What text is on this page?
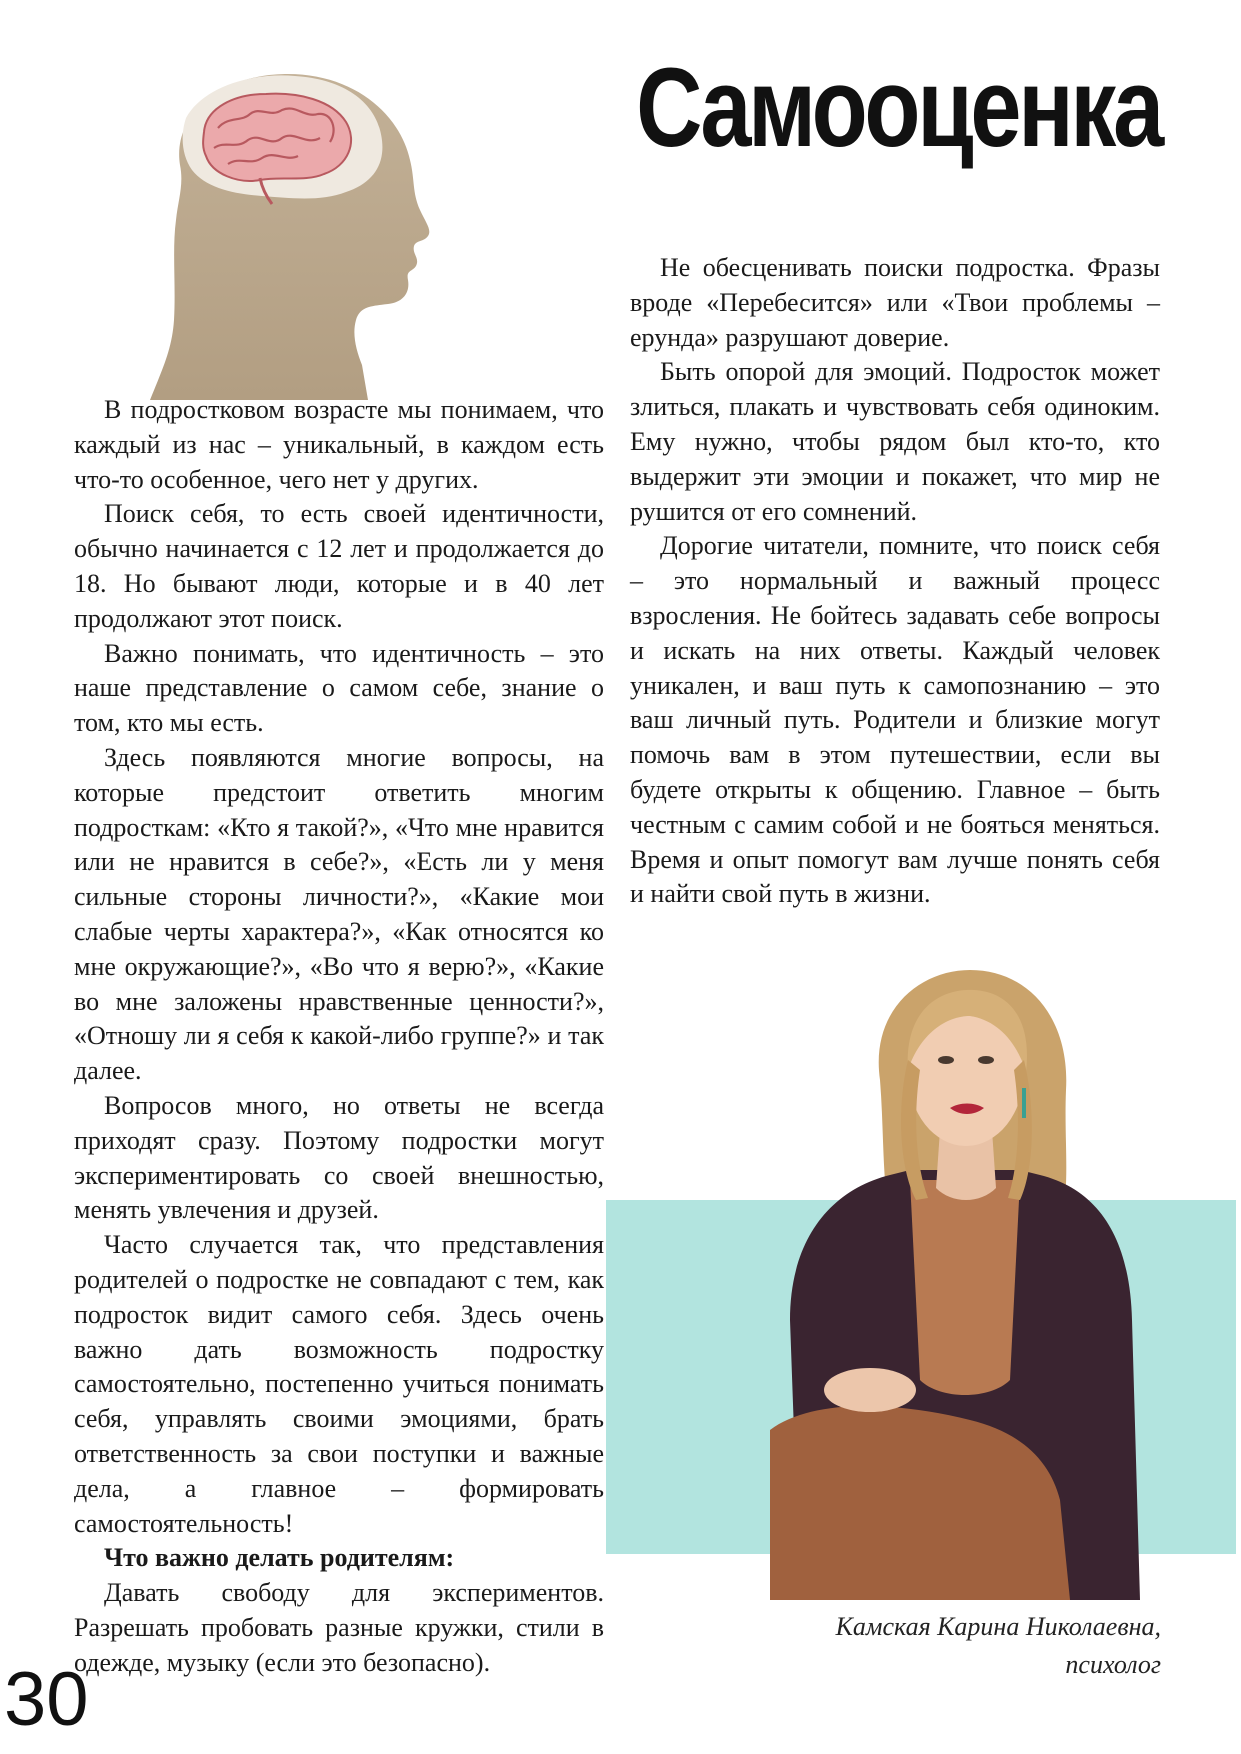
Самооценка

В подростковом возрасте мы понимаем, что каждый из нас – уникальный, в каждом есть что-то особенное, чего нет у других.

Поиск себя, то есть своей идентичности, обычно начинается с 12 лет и продолжается до 18. Но бывают люди, которые и в 40 лет продолжают этот поиск.

Важно понимать, что идентичность – это наше представление о самом себе, знание о том, кто мы есть.

Здесь появляются многие вопросы, на которые предстоит ответить многим подросткам: «Кто я такой?», «Что мне нравится или не нравится в себе?», «Есть ли у меня сильные стороны личности?», «Какие мои слабые черты характера?», «Как относятся ко мне окружающие?», «Во что я верю?», «Какие во мне заложены нравственные ценности?», «Отношу ли я себя к какой-либо группе?» и так далее.

Вопросов много, но ответы не всегда приходят сразу. Поэтому подростки могут экспериментировать со своей внешностью, менять увлечения и друзей.

Часто случается так, что представления родителей о подростке не совпадают с тем, как подросток видит самого себя. Здесь очень важно дать возможность подростку самостоятельно, постепенно учиться понимать себя, управлять своими эмоциями, брать ответственность за свои поступки и важные дела, а главное – формировать самостоятельность!

Что важно делать родителям:

Давать свободу для экспериментов. Разрешать пробовать разные кружки, стили в одежде, музыку (если это безопасно).

Не обесценивать поиски подростка. Фразы вроде «Перебесится» или «Твои проблемы – ерунда» разрушают доверие.

Быть опорой для эмоций. Подросток может злиться, плакать и чувствовать себя одиноким. Ему нужно, чтобы рядом был кто-то, кто выдержит эти эмоции и покажет, что мир не рушится от его сомнений.

Дорогие читатели, помните, что поиск себя – это нормальный и важный процесс взросления. Не бойтесь задавать себе вопросы и искать на них ответы. Каждый человек уникален, и ваш путь к самопознанию – это ваш личный путь. Родители и близкие могут помочь вам в этом путешествии, если вы будете открыты к общению. Главное – быть честным с самим собой и не бояться меняться. Время и опыт помогут вам лучше понять себя и найти свой путь в жизни.

Камская Карина Николаевна,
психолог
30
